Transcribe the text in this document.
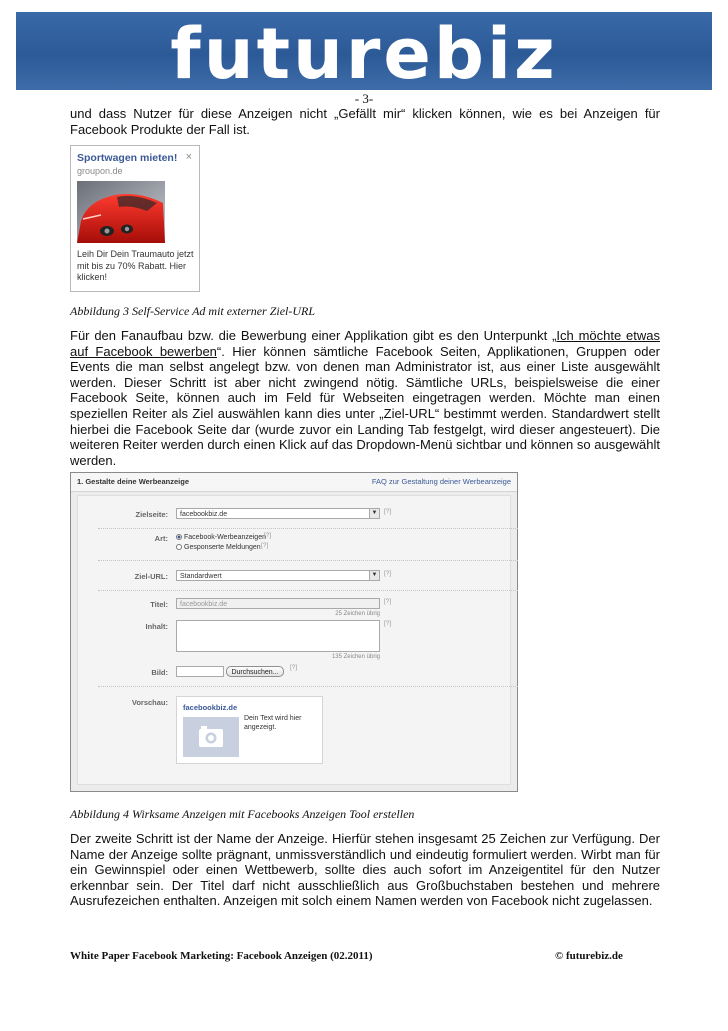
futurebiz
- 3-

und dass Nutzer für diese Anzeigen nicht „Gefällt mir“ klicken können, wie es bei Anzeigen für Facebook Produkte der Fall ist.

Sportwagen mieten! ×
groupon.de
Leih Dir Dein Traumauto jetzt mit bis zu 70% Rabatt. Hier klicken!
Abbildung 3 Self-Service Ad mit externer Ziel-URL

Für den Fanaufbau bzw. die Bewerbung einer Applikation gibt es den Unterpunkt „Ich möchte etwas auf Facebook bewerben“. Hier können sämtliche Facebook Seiten, Applikationen, Gruppen oder Events die man selbst angelegt bzw. von denen man Administrator ist, aus einer Liste ausgewählt werden. Dieser Schritt ist aber nicht zwingend nötig. Sämtliche URLs, beispielsweise die einer Facebook Seite, können auch im Feld für Webseiten eingetragen werden. Möchte man einen speziellen Reiter als Ziel auswählen kann dies unter „Ziel-URL“ bestimmt werden. Standardwert stellt hierbei die Facebook Seite dar (wurde zuvor ein Landing Tab festgelgt, wird dieser angesteuert). Die weiteren Reiter werden durch einen Klick auf das Dropdown-Menü sichtbar und können so ausgewählt werden.

1. Gestalte deine Werbeanzeige	FAQ zur Gestaltung deiner Werbeanzeige
Zielseite:	facebookbiz.de	▼ [?]
Art:	Facebook-Werbeanzeigen
[?]
Gesponserte Meldungen [?]
Ziel-URL:	Standardwert	▼ [?]
Titel:	facebookbiz.de	[?]
25 Zeichen übrig
Inhalt:	[?]
135 Zeichen übrig
Bild:	Durchsuchen...
[?]
Vorschau:
facebookbiz.de
Dein Text wird hier angezeigt.
Abbildung 4 Wirksame Anzeigen mit Facebooks Anzeigen Tool erstellen

Der zweite Schritt ist der Name der Anzeige. Hierfür stehen insgesamt 25 Zeichen zur Verfügung. Der Name der Anzeige sollte prägnant, unmissverständlich und eindeutig formuliert werden. Wirbt man für ein Gewinnspiel oder einen Wettbewerb, sollte dies auch sofort im Anzeigentitel für den Nutzer erkennbar sein. Der Titel darf nicht ausschließlich aus Großbuchstaben bestehen und mehrere Ausrufezeichen enthalten. Anzeigen mit solch einem Namen werden von Facebook nicht zugelassen.

White Paper Facebook Marketing: Facebook Anzeigen (02.2011)	© futurebiz.de
